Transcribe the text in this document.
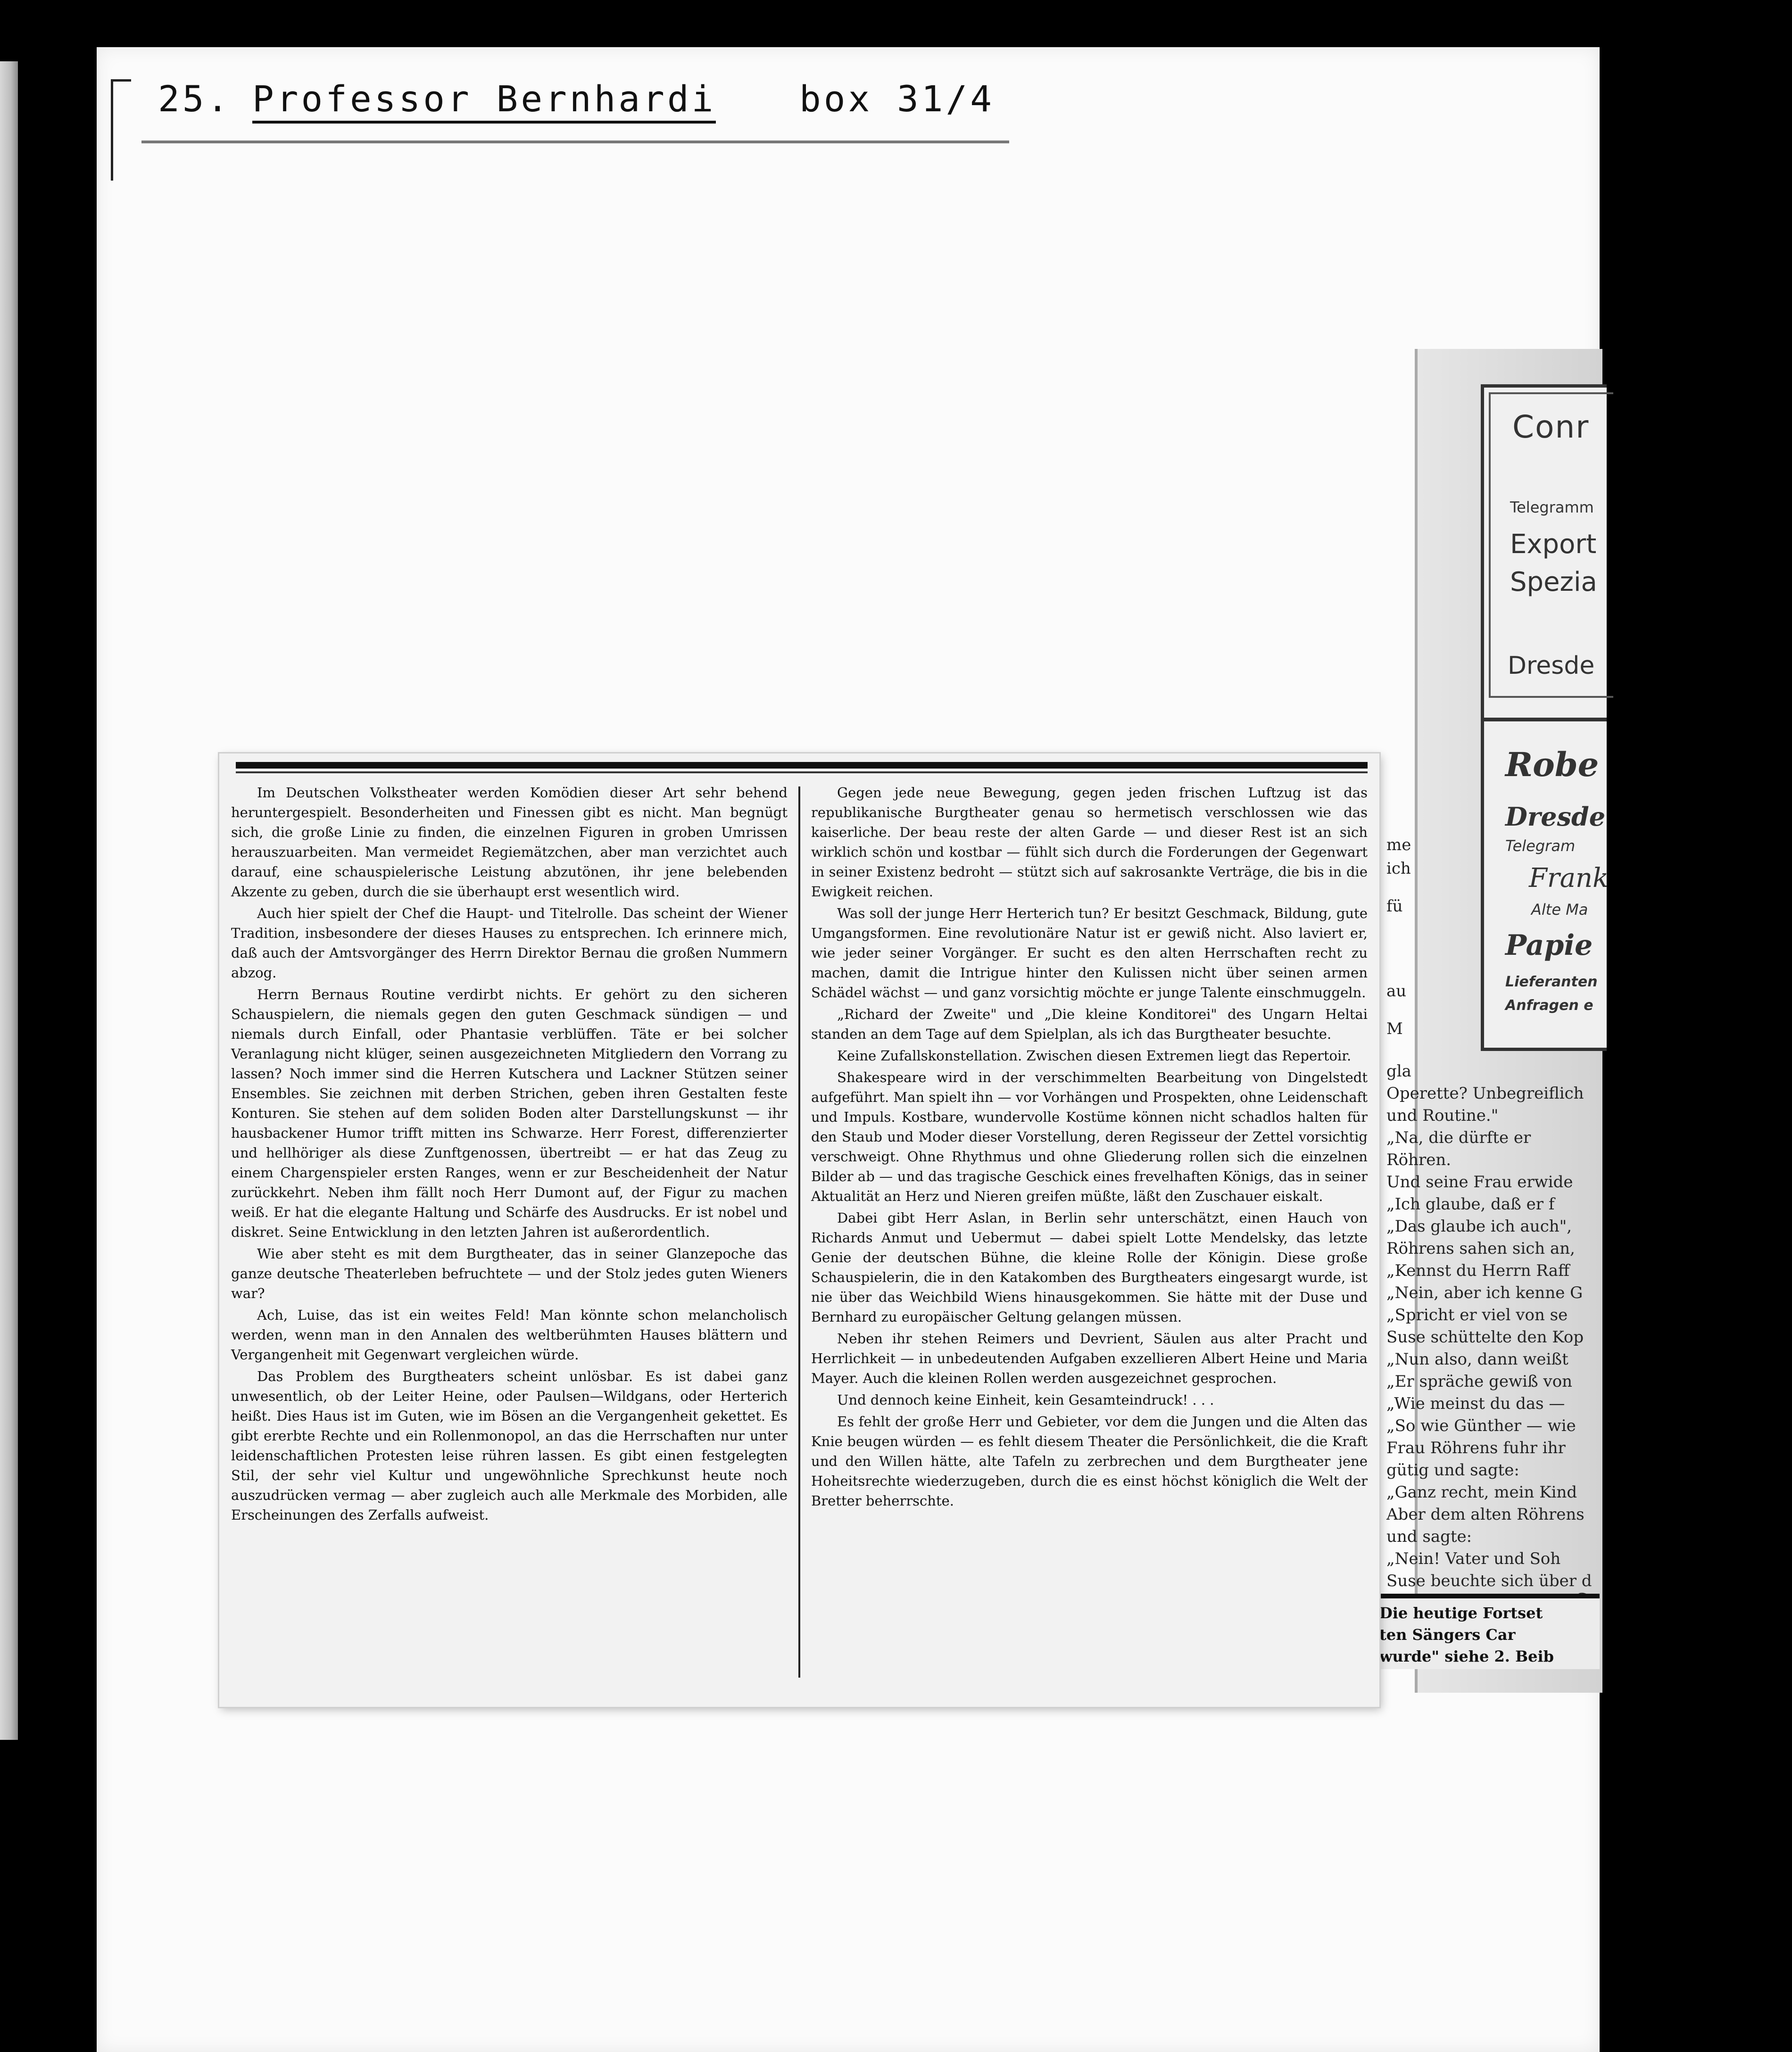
25. Professor Bernhardi box 31/4
Conr
Telegramm
Export
Spezia
Dresde
Robe
Dresde
Telegram
Frank
Alte Ma
Papie
Lieferanten
Anfragen e
me
ich
fü
au
M
gla
Operette? Unbegreiflich
und Routine."
„Na, die dürfte er
Röhren.
Und seine Frau erwide
„Ich glaube, daß er f
„Das glaube ich auch",
Röhrens sahen sich an,
„Kennst du Herrn Raff
„Nein, aber ich kenne G
„Spricht er viel von se
Suse schüttelte den Kop
„Nun also, dann weißt
„Er spräche gewiß von
„Wie meinst du das —
„So wie Günther — wie
Frau Röhrens fuhr ihr
gütig und sagte:
„Ganz recht, mein Kind
Aber dem alten Röhrens
und sagte:
„Nein! Vater und Soh
Suse beuchte sich über d
Die heutige Fortset
ten Sängers Car
wurde" siehe 2. Beib

Im Deutschen Volkstheater werden Komödien dieser Art sehr behend heruntergespielt. Besonderheiten und Finessen gibt es nicht. Man begnügt sich, die große Linie zu finden, die einzelnen Figuren in groben Umrissen herauszuarbeiten. Man vermeidet Regiemätzchen, aber man verzichtet auch darauf, eine schauspielerische Leistung abzutönen, ihr jene belebenden Akzente zu geben, durch die sie überhaupt erst wesentlich wird.

Auch hier spielt der Chef die Haupt- und Titelrolle. Das scheint der Wiener Tradition, insbesondere der dieses Hauses zu entsprechen. Ich erinnere mich, daß auch der Amtsvorgänger des Herrn Direktor Bernau die großen Nummern abzog.

Herrn Bernaus Routine verdirbt nichts. Er gehört zu den sicheren Schauspielern, die niemals gegen den guten Geschmack sündigen — und niemals durch Einfall, oder Phantasie verblüffen. Täte er bei solcher Veranlagung nicht klüger, seinen ausgezeichneten Mitgliedern den Vorrang zu lassen? Noch immer sind die Herren Kutschera und Lackner Stützen seiner Ensembles. Sie zeichnen mit derben Strichen, geben ihren Gestalten feste Konturen. Sie stehen auf dem soliden Boden alter Darstellungskunst — ihr hausbackener Humor trifft mitten ins Schwarze. Herr Forest, differenzierter und hellhöriger als diese Zunftgenossen, übertreibt — er hat das Zeug zu einem Chargenspieler ersten Ranges, wenn er zur Bescheidenheit der Natur zurückkehrt. Neben ihm fällt noch Herr Dumont auf, der Figur zu machen weiß. Er hat die elegante Haltung und Schärfe des Ausdrucks. Er ist nobel und diskret. Seine Entwicklung in den letzten Jahren ist außerordentlich.

Wie aber steht es mit dem Burgtheater, das in seiner Glanzepoche das ganze deutsche Theaterleben befruchtete — und der Stolz jedes guten Wieners war?

Ach, Luise, das ist ein weites Feld! Man könnte schon melancholisch werden, wenn man in den Annalen des weltberühmten Hauses blättern und Vergangenheit mit Gegenwart vergleichen würde.

Das Problem des Burgtheaters scheint unlösbar. Es ist dabei ganz unwesentlich, ob der Leiter Heine, oder Paulsen—Wildgans, oder Herterich heißt. Dies Haus ist im Guten, wie im Bösen an die Vergangenheit gekettet. Es gibt ererbte Rechte und ein Rollenmonopol, an das die Herrschaften nur unter leidenschaftlichen Protesten leise rühren lassen. Es gibt einen festgelegten Stil, der sehr viel Kultur und ungewöhnliche Sprechkunst heute noch auszudrücken vermag — aber zugleich auch alle Merkmale des Morbiden, alle Erscheinungen des Zerfalls aufweist.

Gegen jede neue Bewegung, gegen jeden frischen Luftzug ist das republikanische Burgtheater genau so hermetisch verschlossen wie das kaiserliche. Der beau reste der alten Garde — und dieser Rest ist an sich wirklich schön und kostbar — fühlt sich durch die Forderungen der Gegenwart in seiner Existenz bedroht — stützt sich auf sakrosankte Verträge, die bis in die Ewigkeit reichen.

Was soll der junge Herr Herterich tun? Er besitzt Geschmack, Bildung, gute Umgangsformen. Eine revolutionäre Natur ist er gewiß nicht. Also laviert er, wie jeder seiner Vorgänger. Er sucht es den alten Herrschaften recht zu machen, damit die Intrigue hinter den Kulissen nicht über seinen armen Schädel wächst — und ganz vorsichtig möchte er junge Talente einschmuggeln.

„Richard der Zweite" und „Die kleine Konditorei" des Ungarn Heltai standen an dem Tage auf dem Spielplan, als ich das Burgtheater besuchte.

Keine Zufallskonstellation. Zwischen diesen Extremen liegt das Repertoir.

Shakespeare wird in der verschimmelten Bearbeitung von Dingelstedt aufgeführt. Man spielt ihn — vor Vorhängen und Prospekten, ohne Leidenschaft und Impuls. Kostbare, wundervolle Kostüme können nicht schadlos halten für den Staub und Moder dieser Vorstellung, deren Regisseur der Zettel vorsichtig verschweigt. Ohne Rhythmus und ohne Gliederung rollen sich die einzelnen Bilder ab — und das tragische Geschick eines frevelhaften Königs, das in seiner Aktualität an Herz und Nieren greifen müßte, läßt den Zuschauer eiskalt.

Dabei gibt Herr Aslan, in Berlin sehr unterschätzt, einen Hauch von Richards Anmut und Uebermut — dabei spielt Lotte Mendelsky, das letzte Genie der deutschen Bühne, die kleine Rolle der Königin. Diese große Schauspielerin, die in den Katakomben des Burgtheaters eingesargt wurde, ist nie über das Weichbild Wiens hinausgekommen. Sie hätte mit der Duse und Bernhard zu europäischer Geltung gelangen müssen.

Neben ihr stehen Reimers und Devrient, Säulen aus alter Pracht und Herrlichkeit — in unbedeutenden Aufgaben exzellieren Albert Heine und Maria Mayer. Auch die kleinen Rollen werden ausgezeichnet gesprochen.

Und dennoch keine Einheit, kein Gesamteindruck! . . .

Es fehlt der große Herr und Gebieter, vor dem die Jungen und die Alten das Knie beugen würden — es fehlt diesem Theater die Persönlichkeit, die die Kraft und den Willen hätte, alte Tafeln zu zerbrechen und dem Burgtheater jene Hoheitsrechte wiederzugeben, durch die es einst höchst königlich die Welt der Bretter beherrschte.
